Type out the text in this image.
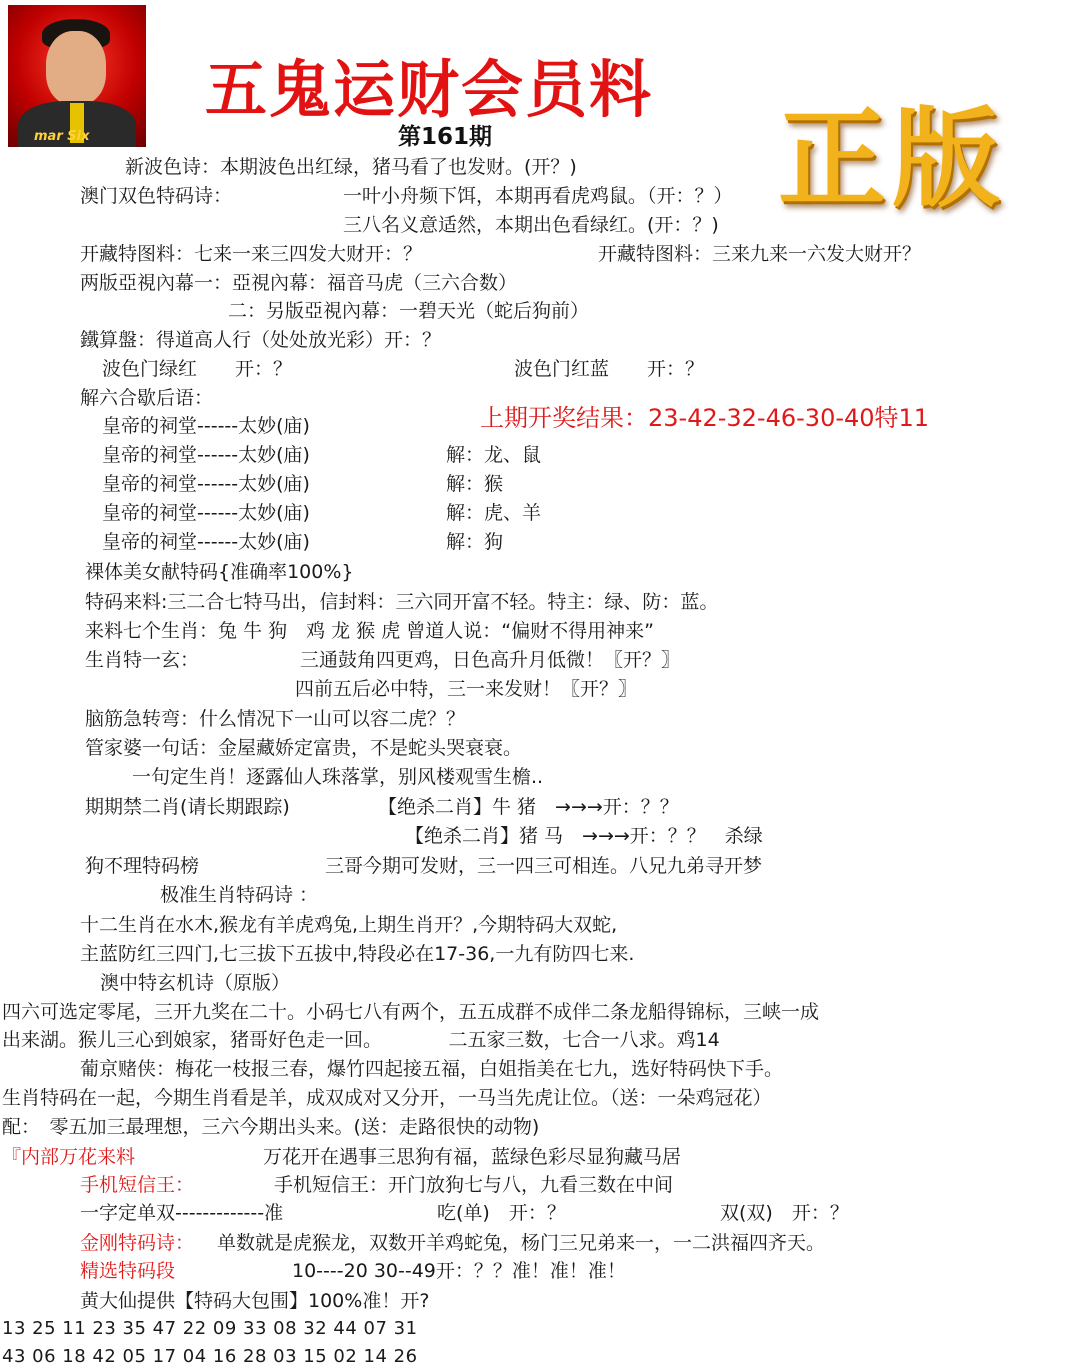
mar Six
五鬼运财会员料
第161期	正版
新波色诗：本期波色出红绿，猪马看了也发财。(开？)
澳门双色特码诗：	一叶小舟频下饵，本期再看虎鸡鼠。（开：？）
三八名义意适然，本期出色看绿红。(开：？)
开藏特图料：七来一来三四发大财开：？	开藏特图料：三来九来一六发大财开？
两版亞視內幕一：亞視內幕：福音马虎（三六合数）
二：另版亞視內幕：一碧天光（蛇后狗前）
鐵算盤：得道高人行（处处放光彩）开：？
波色门绿红　　开：？	波色门红蓝　　开：？
解六合歇后语：
上期开奖结果：23-42-32-46-30-40特11
皇帝的祠堂------太妙(庙)
皇帝的祠堂------太妙(庙)	解：龙、鼠
皇帝的祠堂------太妙(庙)	解：猴
皇帝的祠堂------太妙(庙)	解：虎、羊
皇帝的祠堂------太妙(庙)	解：狗
裸体美女献特码{准确率100%}
特码来料:三二合七特马出，信封料：三六同开富不轻。特主：绿、防：蓝。
来料七个生肖：兔 牛 狗　鸡 龙 猴 虎 曾道人说：“偏财不得用神来”
生肖特一玄：	三通鼓角四更鸡，日色高升月低微！〖开？〗
四前五后必中特，三一来发财！〖开？〗
脑筋急转弯：什么情况下一山可以容二虎？？
管家婆一句话：金屋藏娇定富贵，不是蛇头哭衰衰。
一句定生肖！逐露仙人珠落掌，别风楼观雪生檐..
期期禁二肖(请长期跟踪)	【绝杀二肖】牛 猪　→→→开：？？
【绝杀二肖】猪 马　→→→开：？？　杀绿
狗不理特码榜	三哥今期可发财，三一四三可相连。八兄九弟寻开梦
极准生肖特码诗 ：
十二生肖在水木,猴龙有羊虎鸡兔,上期生肖开？,今期特码大双蛇,
主蓝防红三四门,七三拔下五拔中,特段必在17-36,一九有防四七来.
澳中特玄机诗（原版）
四六可选定零尾，三开九奖在二十。小码七八有两个，五五成群不成伴二条龙船得锦标，三峡一成
出来湖。猴儿三心到娘家，猪哥好色走一回。　　　　二五家三数，七合一八求。鸡14
葡京赌侠：梅花一枝报三春，爆竹四起接五福，白姐指美在七九，选好特码快下手。
生肖特码在一起，今期生肖看是羊，成双成对又分开，一马当先虎让位。（送：一朵鸡冠花）
配：　零五加三最理想，三六今期出头来。(送：走路很快的动物)
『内部万花来料	万花开在遇事三思狗有福，蓝绿色彩尽显狗藏马居
手机短信王：	手机短信王：开门放狗七与八，九看三数在中间
一字定单双-------------准	吃(单)　开：？	双(双)　开：？
金刚特码诗： 单数就是虎猴龙，双数开羊鸡蛇兔，杨门三兄弟来一，一二洪福四齐天。
精选特码段	10----20 30--49开：？？准！准！准！
黄大仙提供【特码大包围】100%准！开?
13 25 11 23 35 47 22 09 33 08 32 44 07 31
43 06 18 42 05 17 04 16 28 03 15 02 14 26
